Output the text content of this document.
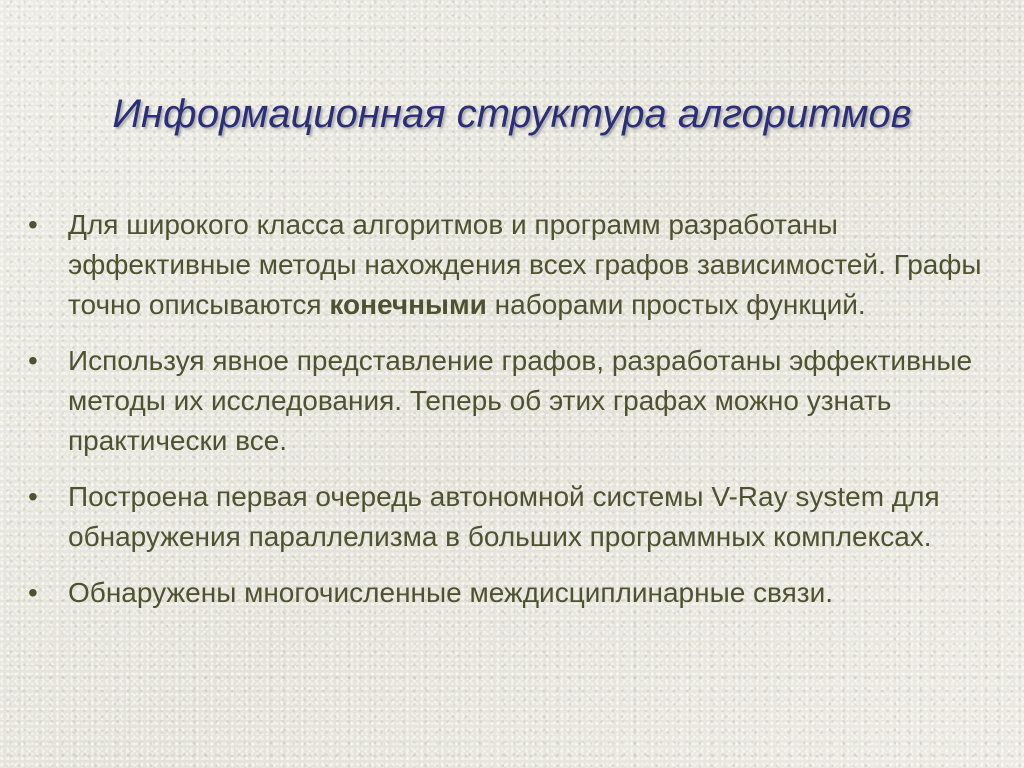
Информационная структура алгоритмов
• Для широкого класса алгоритмов и программ разработаны эффективные методы нахождения всех графов зависимостей. Графы точно описываются конечными наборами простых функций.
• Используя явное представление графов, разработаны эффективные методы их исследования. Теперь об этих графах можно узнать практически все.
• Построена первая очередь автономной системы V-Ray system для обнаружения параллелизма в больших программных комплексах.
• Обнаружены многочисленные междисциплинарные связи.
